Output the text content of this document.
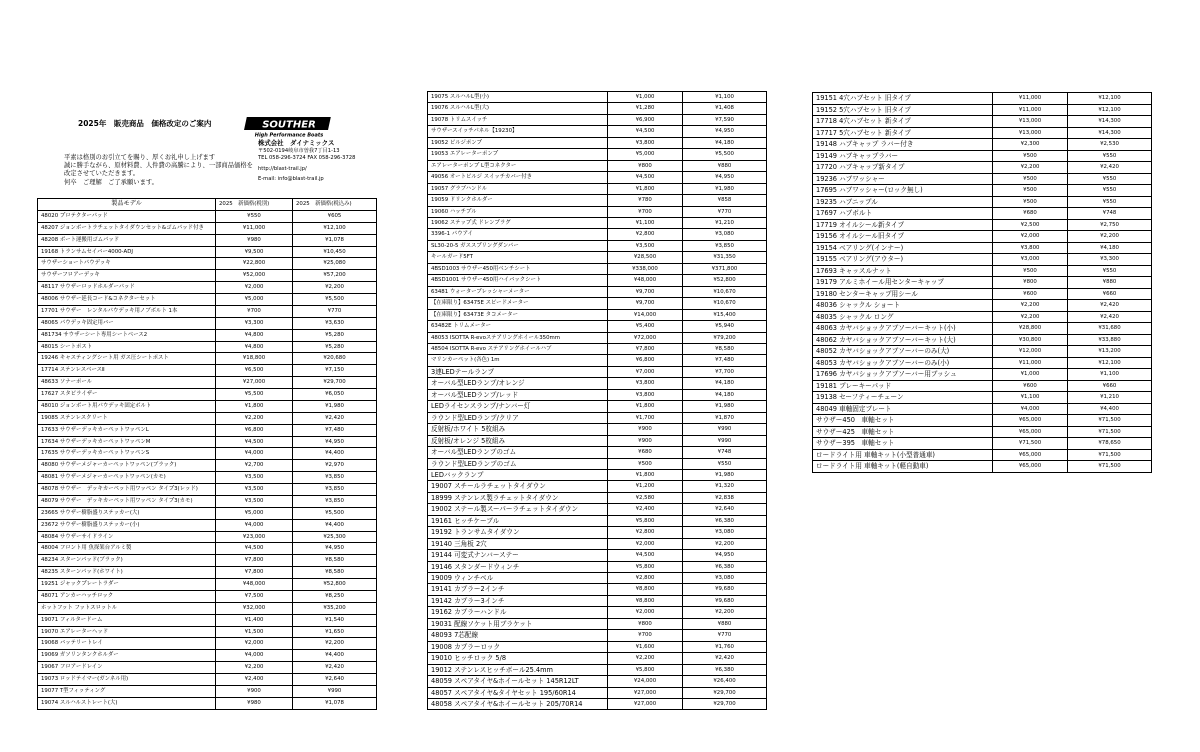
2025年　販売商品　価格改定のご案内	SOUTHER
High Performance Boats
平素は格別のお引立てを賜り、厚くお礼申し上げます
誠に勝手ながら、原材料費、人件費の高騰により、一部商品価格を
改定させていただきます。
何卒　ご理解　ご了承願います。
株式会社　ダイナミックス
〒502-0194岐阜市曽我7丁目1-13
TEL 058-296-3724 FAX 058-296-3728
http://blast-trail.jp/
E-mail: info@blast-trail.jp
製品モデル	2025　新価格(税別)	2025　新価格(税込み)
48020 プロテクターパッド	¥550	¥605
48207 ジョンボートラチェットタイダウンセット&ゴムパッド付き	¥11,000	¥12,100
48208 ボート運搬用ゴムパッド	¥980	¥1,078
19168 トランサムセイバー4000-ADJ	¥9,500	¥10,450
サウザーショートパウデッキ	¥22,800	¥25,080
サウザーフロアーデッキ	¥52,000	¥57,200
48117 サウザーロッドホルダーパッド	¥2,000	¥2,200
48006 サウザー延長コード&コネクターセット	¥5,000	¥5,500
17701 サウザー　レンタルパウデッキ用ノブボルト 1本	¥700	¥770
48065 パウデッキ固定用バー	¥3,300	¥3,630
481734 サウザーシート専用シートベース2	¥4,800	¥5,280
48015 シートポスト	¥4,800	¥5,280
19246 キャスティングシート用 ガス圧シートポスト	¥18,800	¥20,680
17714 ステンレスベースⅡ	¥6,500	¥7,150
48633 ソナーポール	¥27,000	¥29,700
17627 スタビライザー	¥5,500	¥6,050
48010 ジョンボート用パウデッキ固定ボルト	¥1,800	¥1,980
19085 ステンレスクリート	¥2,200	¥2,420
17633 サウザーデッキカーペットワッペンL	¥6,800	¥7,480
17634 サウザーデッキカーペットワッペンM	¥4,500	¥4,950
17635 サウザーデッキカーペットワッペンS	¥4,000	¥4,400
48080 サウザーメジャーカーペットワッペン(ブラック)	¥2,700	¥2,970
48081 サウザーメジャーカーペットワッペン(カモ)	¥3,500	¥3,850
48078 サウザー　デッキカーペット用ワッペン タイプ3(レッド)	¥3,500	¥3,850
48079 サウザー　デッキカーペット用ワッペン タイプ3(カモ)	¥3,500	¥3,850
23665 サウザー樹脂盛りステッカー(大)	¥5,000	¥5,500
23672 サウザー樹脂盛りステッカー(小)	¥4,000	¥4,400
48084 サウザーサイドライン	¥23,000	¥25,300
48004 フロント用 魚探架台アルミ製	¥4,500	¥4,950
48234 スターンパッド(ブラック)	¥7,800	¥8,580
48235 スターンパッド(ホワイト)	¥7,800	¥8,580
19251 ジャックプレートラダー	¥48,000	¥52,800
48071 アンカーハッチロック	¥7,500	¥8,250
ホットフット フットスロットル	¥32,000	¥35,200
19071 フィルタードーム	¥1,400	¥1,540
19070 エアレーターヘッド	¥1,500	¥1,650
19068 バッテリートレイ	¥2,000	¥2,200
19069 ガソリンタンクホルダー	¥4,000	¥4,400
19067 フロアードレイン	¥2,200	¥2,420
19073 ロッドテイマー(ガンネル用)	¥2,400	¥2,640
19077 T型フィッティング	¥900	¥990
19074 スルハルストレート(大)	¥980	¥1,078
19075 スルハルL型(小)	¥1,000	¥1,100
19076 スルハルL型(大)	¥1,280	¥1,408
19078 トリムスイッチ	¥6,900	¥7,590
サウザースイッチパネル【19230】	¥4,500	¥4,950
19052 ビルジポンプ	¥3,800	¥4,180
19053 エアレーターポンプ	¥5,000	¥5,500
エアレーターポンプ L型コネクター	¥800	¥880
49056 オートビルジ スイッチカバー付き	¥4,500	¥4,950
19057 グラブハンドル	¥1,800	¥1,980
19059 ドリンクホルダー	¥780	¥858
19060 ハッチプル	¥700	¥770
19062 ステップ式 ドレンプラグ	¥1,100	¥1,210
3396-1 パウアイ	¥2,800	¥3,080
SL30-20-5 ガススプリングダンパー	¥3,500	¥3,850
キールガード5FT	¥28,500	¥31,350
4BSD1003 サウザー450用ベンチシート	¥338,000	¥371,800
4BSD1001 サウザー450用ハイバックシート	¥48,000	¥52,800
63481 ウォータープレッシャーメーター	¥9,700	¥10,670
【在庫限り】63475E スピードメーター	¥9,700	¥10,670
【在庫限り】63473E タコメーター	¥14,000	¥15,400
63482E トリムメーター	¥5,400	¥5,940
48053 ISOTTA R-evoステアリングホイール350mm	¥72,000	¥79,200
48504 ISOTTA R-evo ステアリングホイールハブ	¥7,800	¥8,580
マリンカーペット(各色) 1m	¥6,800	¥7,480
3連LEDテールランプ	¥7,000	¥7,700
オーバル型LEDランプ/オレンジ	¥3,800	¥4,180
オーバル型LEDランプ/レッド	¥3,800	¥4,180
LEDライセンスランプ/ナンバー灯	¥1,800	¥1,980
ラウンド型LEDランプ/クリア	¥1,700	¥1,870
反射板/ホワイト 5枚組み	¥900	¥990
反射板/オレンジ 5枚組み	¥900	¥990
オーバル型LEDランプのゴム	¥680	¥748
ラウンド型LEDランプのゴム	¥500	¥550
LEDバックランプ	¥1,800	¥1,980
19007 スチールラチェットタイダウン	¥1,200	¥1,320
18999 ステンレス製ラチェットタイダウン	¥2,580	¥2,838
19002 ステール製スーパーラチェットタイダウン	¥2,400	¥2,640
19161 ヒッチケーブル	¥5,800	¥6,380
19192 トランサムタイダウン	¥2,800	¥3,080
19140 三角板 2穴	¥2,000	¥2,200
19144 可変式ナンバーステー	¥4,500	¥4,950
19146 スタンダードウィンチ	¥5,800	¥6,380
19009 ウィンチベル	¥2,800	¥3,080
19141 カプラー2インチ	¥8,800	¥9,680
19142 カプラー3インチ	¥8,800	¥9,680
19162 カプラーハンドル	¥2,000	¥2,200
19031 配線ソケット用ブラケット	¥800	¥880
48093 7芯配線	¥700	¥770
19008 カプラーロック	¥1,600	¥1,760
19010 ヒッチロック 5/8	¥2,200	¥2,420
19012 ステンレスヒッチボール25.4mm	¥5,800	¥6,380
48059 スペアタイヤ&ホイールセット 145R12LT	¥24,000	¥26,400
48057 スペアタイヤ&タイヤセット 195/60R14	¥27,000	¥29,700
48058 スペアタイヤ&ホイールセット 205/70R14	¥27,000	¥29,700
19151 4穴ハブセット 旧タイプ	¥11,000	¥12,100
19152 5穴ハブセット 旧タイプ	¥11,000	¥12,100
17718 4穴ハブセット 新タイプ	¥13,000	¥14,300
17717 5穴ハブセット 新タイプ	¥13,000	¥14,300
19148 ハブキャップ ラバー付き	¥2,300	¥2,530
19149 ハブキャップラバー	¥500	¥550
17720 ハブキャップ新タイプ	¥2,200	¥2,420
19236 ハブワッシャー	¥500	¥550
17695 ハブワッシャー(ロック無し)	¥500	¥550
19235 ハブニップル	¥500	¥550
17697 ハブボルト	¥680	¥748
17719 オイルシール新タイプ	¥2,500	¥2,750
19156 オイルシール旧タイプ	¥2,000	¥2,200
19154 ベアリング(インナー)	¥3,800	¥4,180
19155 ベアリング(アウター)	¥3,000	¥3,300
17693 キャッスルナット	¥500	¥550
19179 アルミホイール用センターキャップ	¥800	¥880
19180 センターキャップ用シール	¥600	¥660
48036 シャックル ショート	¥2,200	¥2,420
48035 シャックル ロング	¥2,200	¥2,420
48063 カヤバショックアブソーバーキット(小)	¥28,800	¥31,680
48062 カヤバショックアブソーバーキット(大)	¥30,800	¥33,880
48052 カヤバショックアブソーバーのみ(大)	¥12,000	¥13,200
48053 カヤバショックアブソーバーのみ(小)	¥11,000	¥12,100
17696 カヤバショックアブソーバー用ブッシュ	¥1,000	¥1,100
19181 プレーキーパッド	¥600	¥660
19138 セーフティーチェーン	¥1,100	¥1,210
48049 車軸固定プレート	¥4,000	¥4,400
サウザー450　車軸セット	¥65,000	¥71,500
サウザー425　車軸セット	¥65,000	¥71,500
サウザー395　車軸セット	¥71,500	¥78,650
ロードライト用 車軸キット(小型普通車)	¥65,000	¥71,500
ロードライト用 車軸キット(軽自動車)	¥65,000	¥71,500
